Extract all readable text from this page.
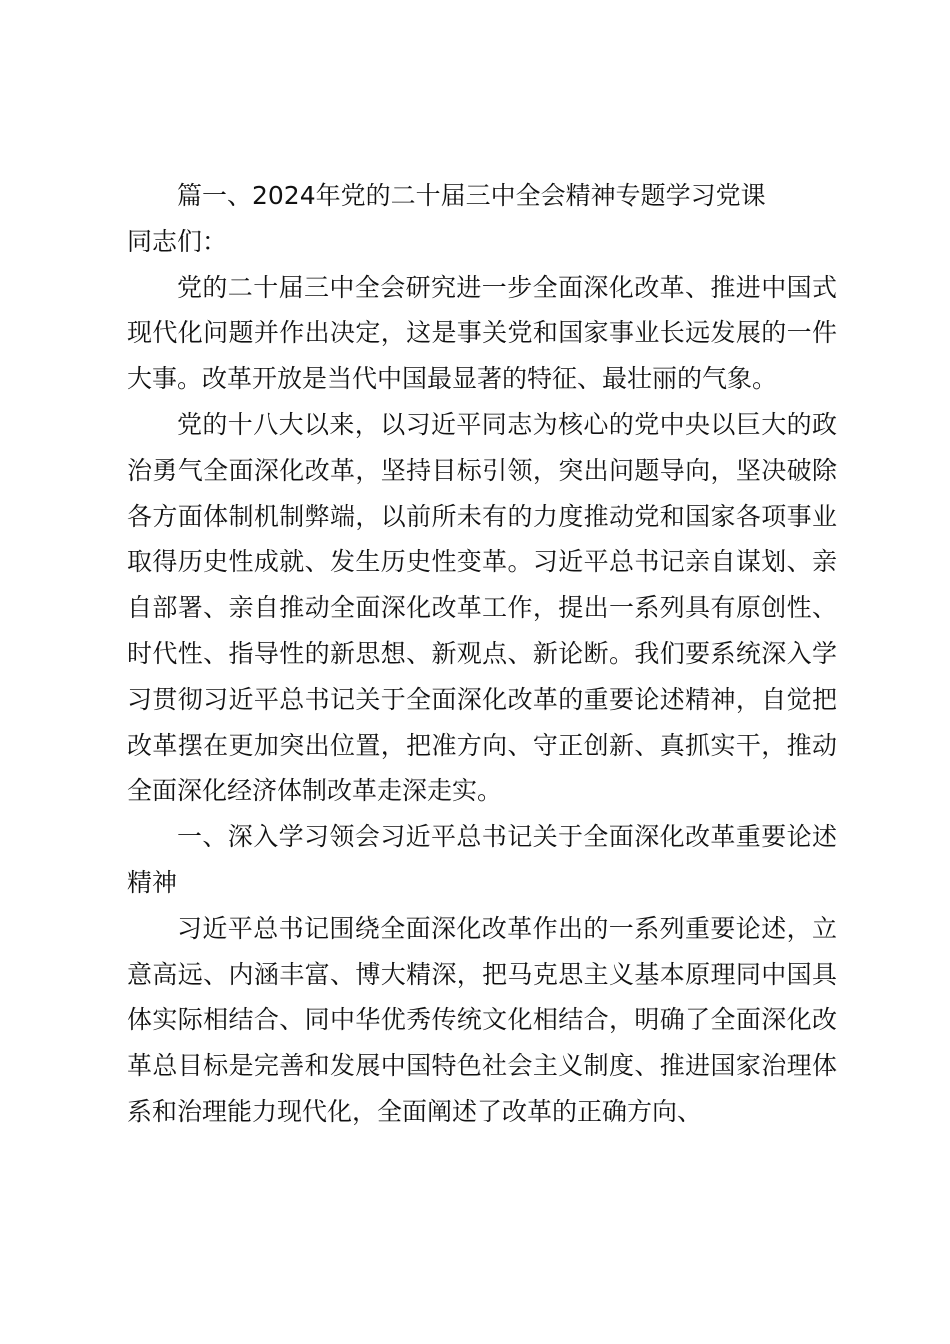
篇一、2024年党的二十届三中全会精神专题学习党课

同志们：

党的二十届三中全会研究进一步全面深化改革、推进中国式现代化问题并作出决定，这是事关党和国家事业长远发展的一件大事。改革开放是当代中国最显著的特征、最壮丽的气象。

党的十八大以来，以习近平同志为核心的党中央以巨大的政治勇气全面深化改革，坚持目标引领，突出问题导向，坚决破除各方面体制机制弊端，以前所未有的力度推动党和国家各项事业取得历史性成就、发生历史性变革。习近平总书记亲自谋划、亲自部署、亲自推动全面深化改革工作，提出一系列具有原创性、时代性、指导性的新思想、新观点、新论断。我们要系统深入学习贯彻习近平总书记关于全面深化改革的重要论述精神，自觉把改革摆在更加突出位置，把准方向、守正创新、真抓实干，推动全面深化经济体制改革走深走实。

一、深入学习领会习近平总书记关于全面深化改革重要论述精神

习近平总书记围绕全面深化改革作出的一系列重要论述，立意高远、内涵丰富、博大精深，把马克思主义基本原理同中国具体实际相结合、同中华优秀传统文化相结合，明确了全面深化改革总目标是完善和发展中国特色社会主义制度、推进国家治理体系和治理能力现代化，全面阐述了改革的正确方向、
